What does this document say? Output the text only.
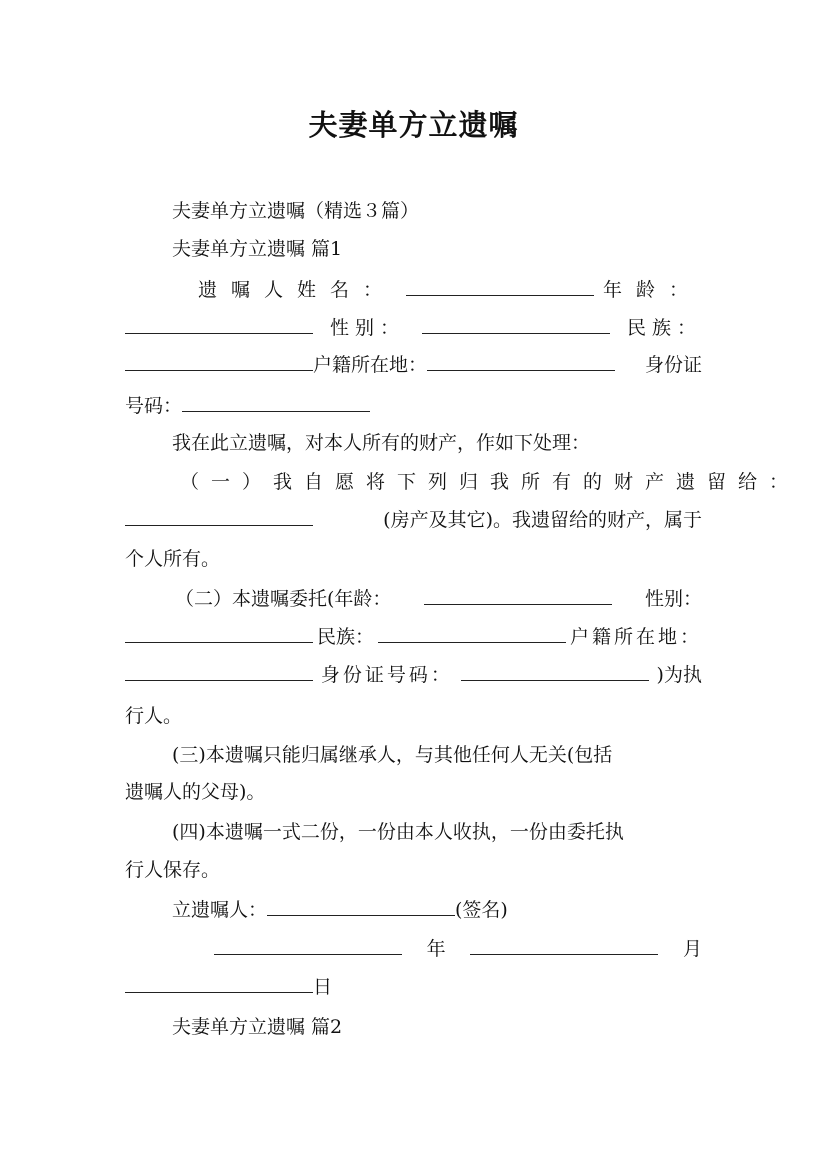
夫妻单方立遗嘱
夫妻单方立遗嘱（精选３篇）
夫妻单方立遗嘱 篇1
遗嘱人姓名：	年龄：
性别：	民族：
户籍所在地：	身份证
号码：
我在此立遗嘱，对本人所有的财产，作如下处理：
（一）我自愿将下列归我所有的财产遗留给：
(房产及其它)。我遗留给的财产，属于
个人所有。
（二）本遗嘱委托(年龄：	性别：
民族：	户籍所在地：
身份证号码：	)为执
行人。
(三)本遗嘱只能归属继承人，与其他任何人无关(包括
遗嘱人的父母)。
(四)本遗嘱一式二份，一份由本人收执，一份由委托执
行人保存。
立遗嘱人：	(签名)
年	月
日
夫妻单方立遗嘱 篇2
